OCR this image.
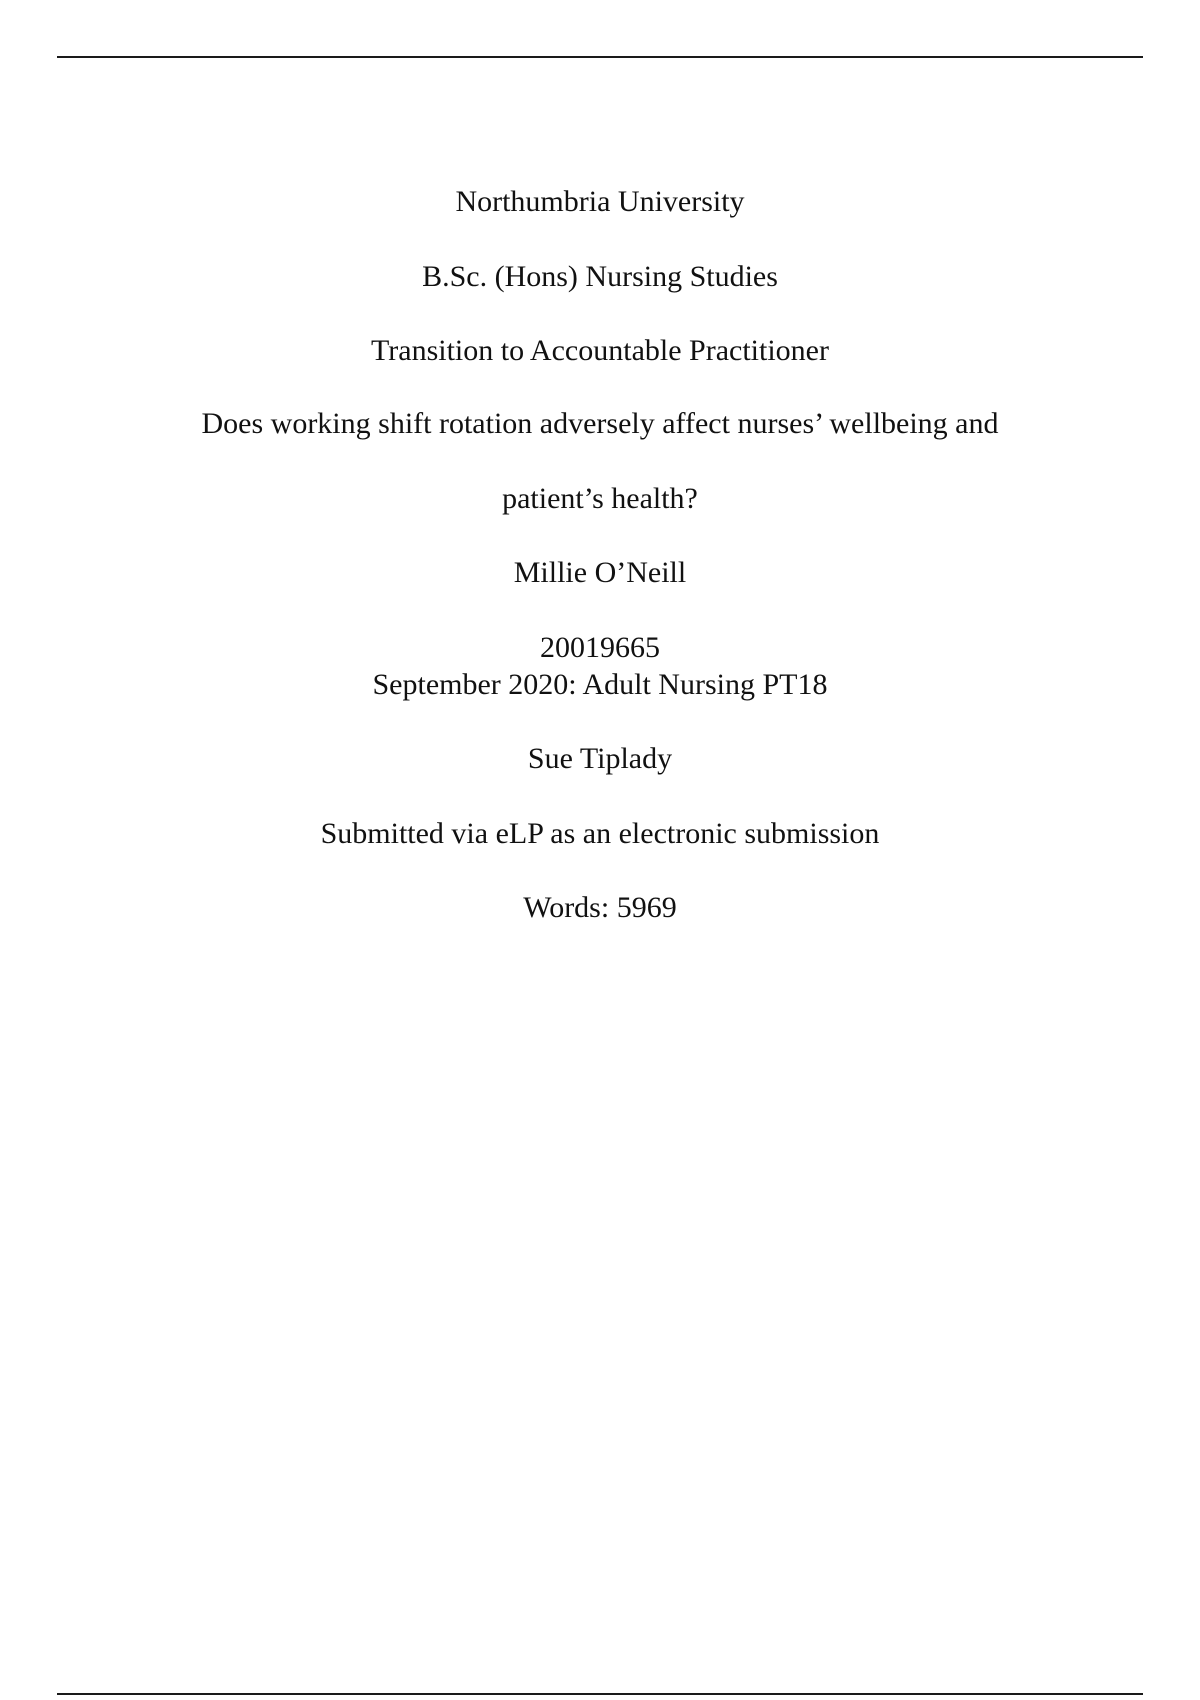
Northumbria University
B.Sc. (Hons) Nursing Studies
Transition to Accountable Practitioner
Does working shift rotation adversely affect nurses’ wellbeing and
patient’s health?
Millie O’Neill
20019665
September 2020: Adult Nursing PT18
Sue Tiplady
Submitted via eLP as an electronic submission
Words: 5969
